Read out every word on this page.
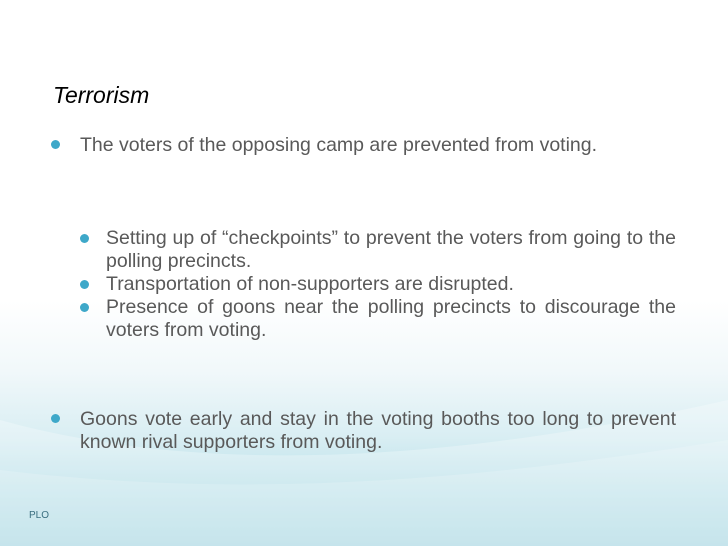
Terrorism
The voters of the opposing camp are prevented from voting.
Setting up of “checkpoints” to prevent the voters from going to the polling precincts.
Transportation of non-supporters are disrupted.
Presence of goons near the polling precincts to discourage the voters from voting.
Goons vote early and stay in the voting booths too long to prevent known rival supporters from voting.
PLO
